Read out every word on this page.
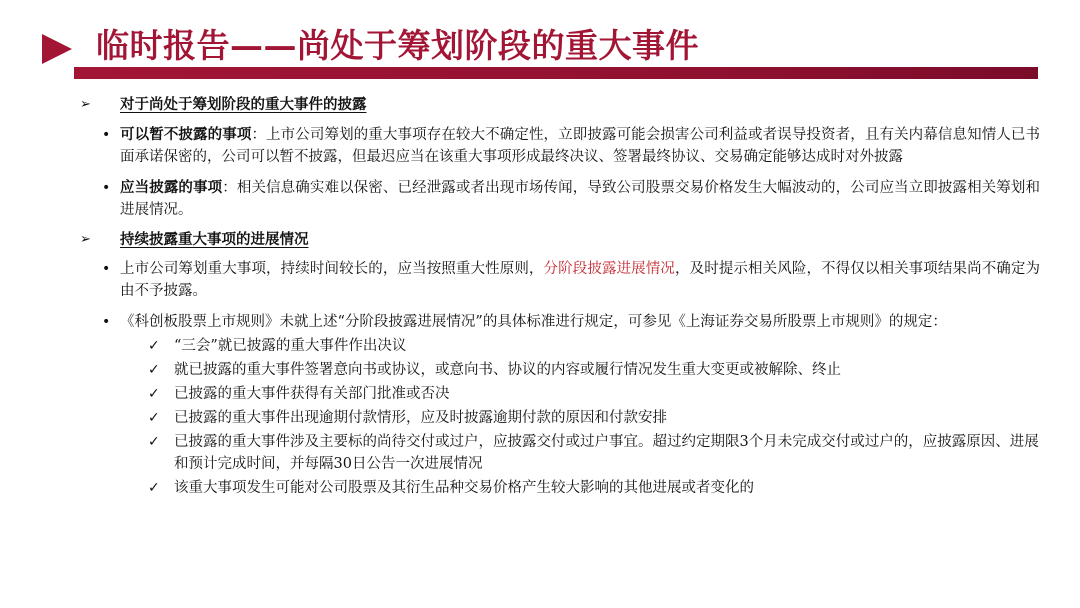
临时报告——尚处于筹划阶段的重大事件
➢ 对于尚处于筹划阶段的重大事件的披露
• 可以暂不披露的事项：上市公司筹划的重大事项存在较大不确定性，立即披露可能会损害公司利益或者误导投资者，且有关内幕信息知情人已书面承诺保密的，公司可以暂不披露，但最迟应当在该重大事项形成最终决议、签署最终协议、交易确定能够达成时对外披露
• 应当披露的事项：相关信息确实难以保密、已经泄露或者出现市场传闻，导致公司股票交易价格发生大幅波动的，公司应当立即披露相关筹划和进展情况。
➢ 持续披露重大事项的进展情况
• 上市公司筹划重大事项，持续时间较长的，应当按照重大性原则，分阶段披露进展情况，及时提示相关风险，不得仅以相关事项结果尚不确定为由不予披露。
• 《科创板股票上市规则》未就上述“分阶段披露进展情况”的具体标准进行规定，可参见《上海证券交易所股票上市规则》的规定：
✓ “三会”就已披露的重大事件作出决议
✓ 就已披露的重大事件签署意向书或协议，或意向书、协议的内容或履行情况发生重大变更或被解除、终止
✓ 已披露的重大事件获得有关部门批准或否决
✓ 已披露的重大事件出现逾期付款情形，应及时披露逾期付款的原因和付款安排
✓ 已披露的重大事件涉及主要标的尚待交付或过户，应披露交付或过户事宜。超过约定期限3个月未完成交付或过户的，应披露原因、进展和预计完成时间，并每隔30日公告一次进展情况
✓ 该重大事项发生可能对公司股票及其衍生品种交易价格产生较大影响的其他进展或者变化的
